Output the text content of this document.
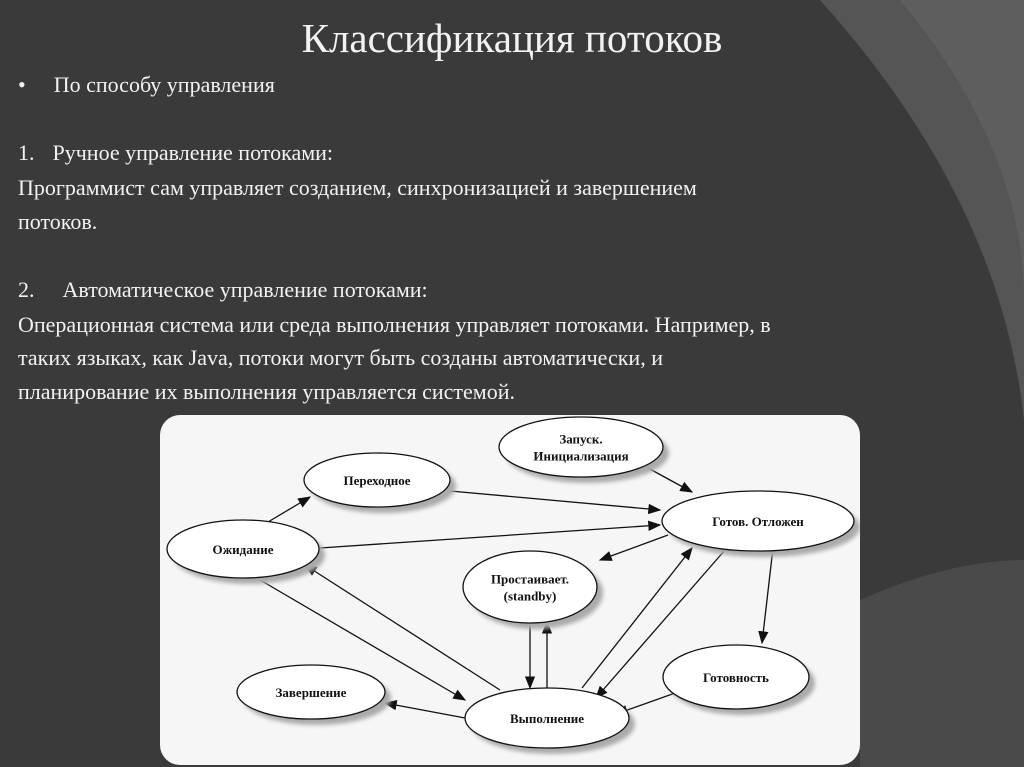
Классификация потоков
• По способу управления
1. Ручное управление потоками:
Программист сам управляет созданием, синхронизацией и завершением
потоков.
2. Автоматическое управление потоками:
Операционная система или среда выполнения управляет потоками. Например, в
таких языках, как Java, потоки могут быть созданы автоматически, и
планирование их выполнения управляется системой.
Запуск.
Инициализация
Переходное
Готов. Отложен
Ожидание
Простаивает.
(standby)
Готовность
Завершение
Выполнение
